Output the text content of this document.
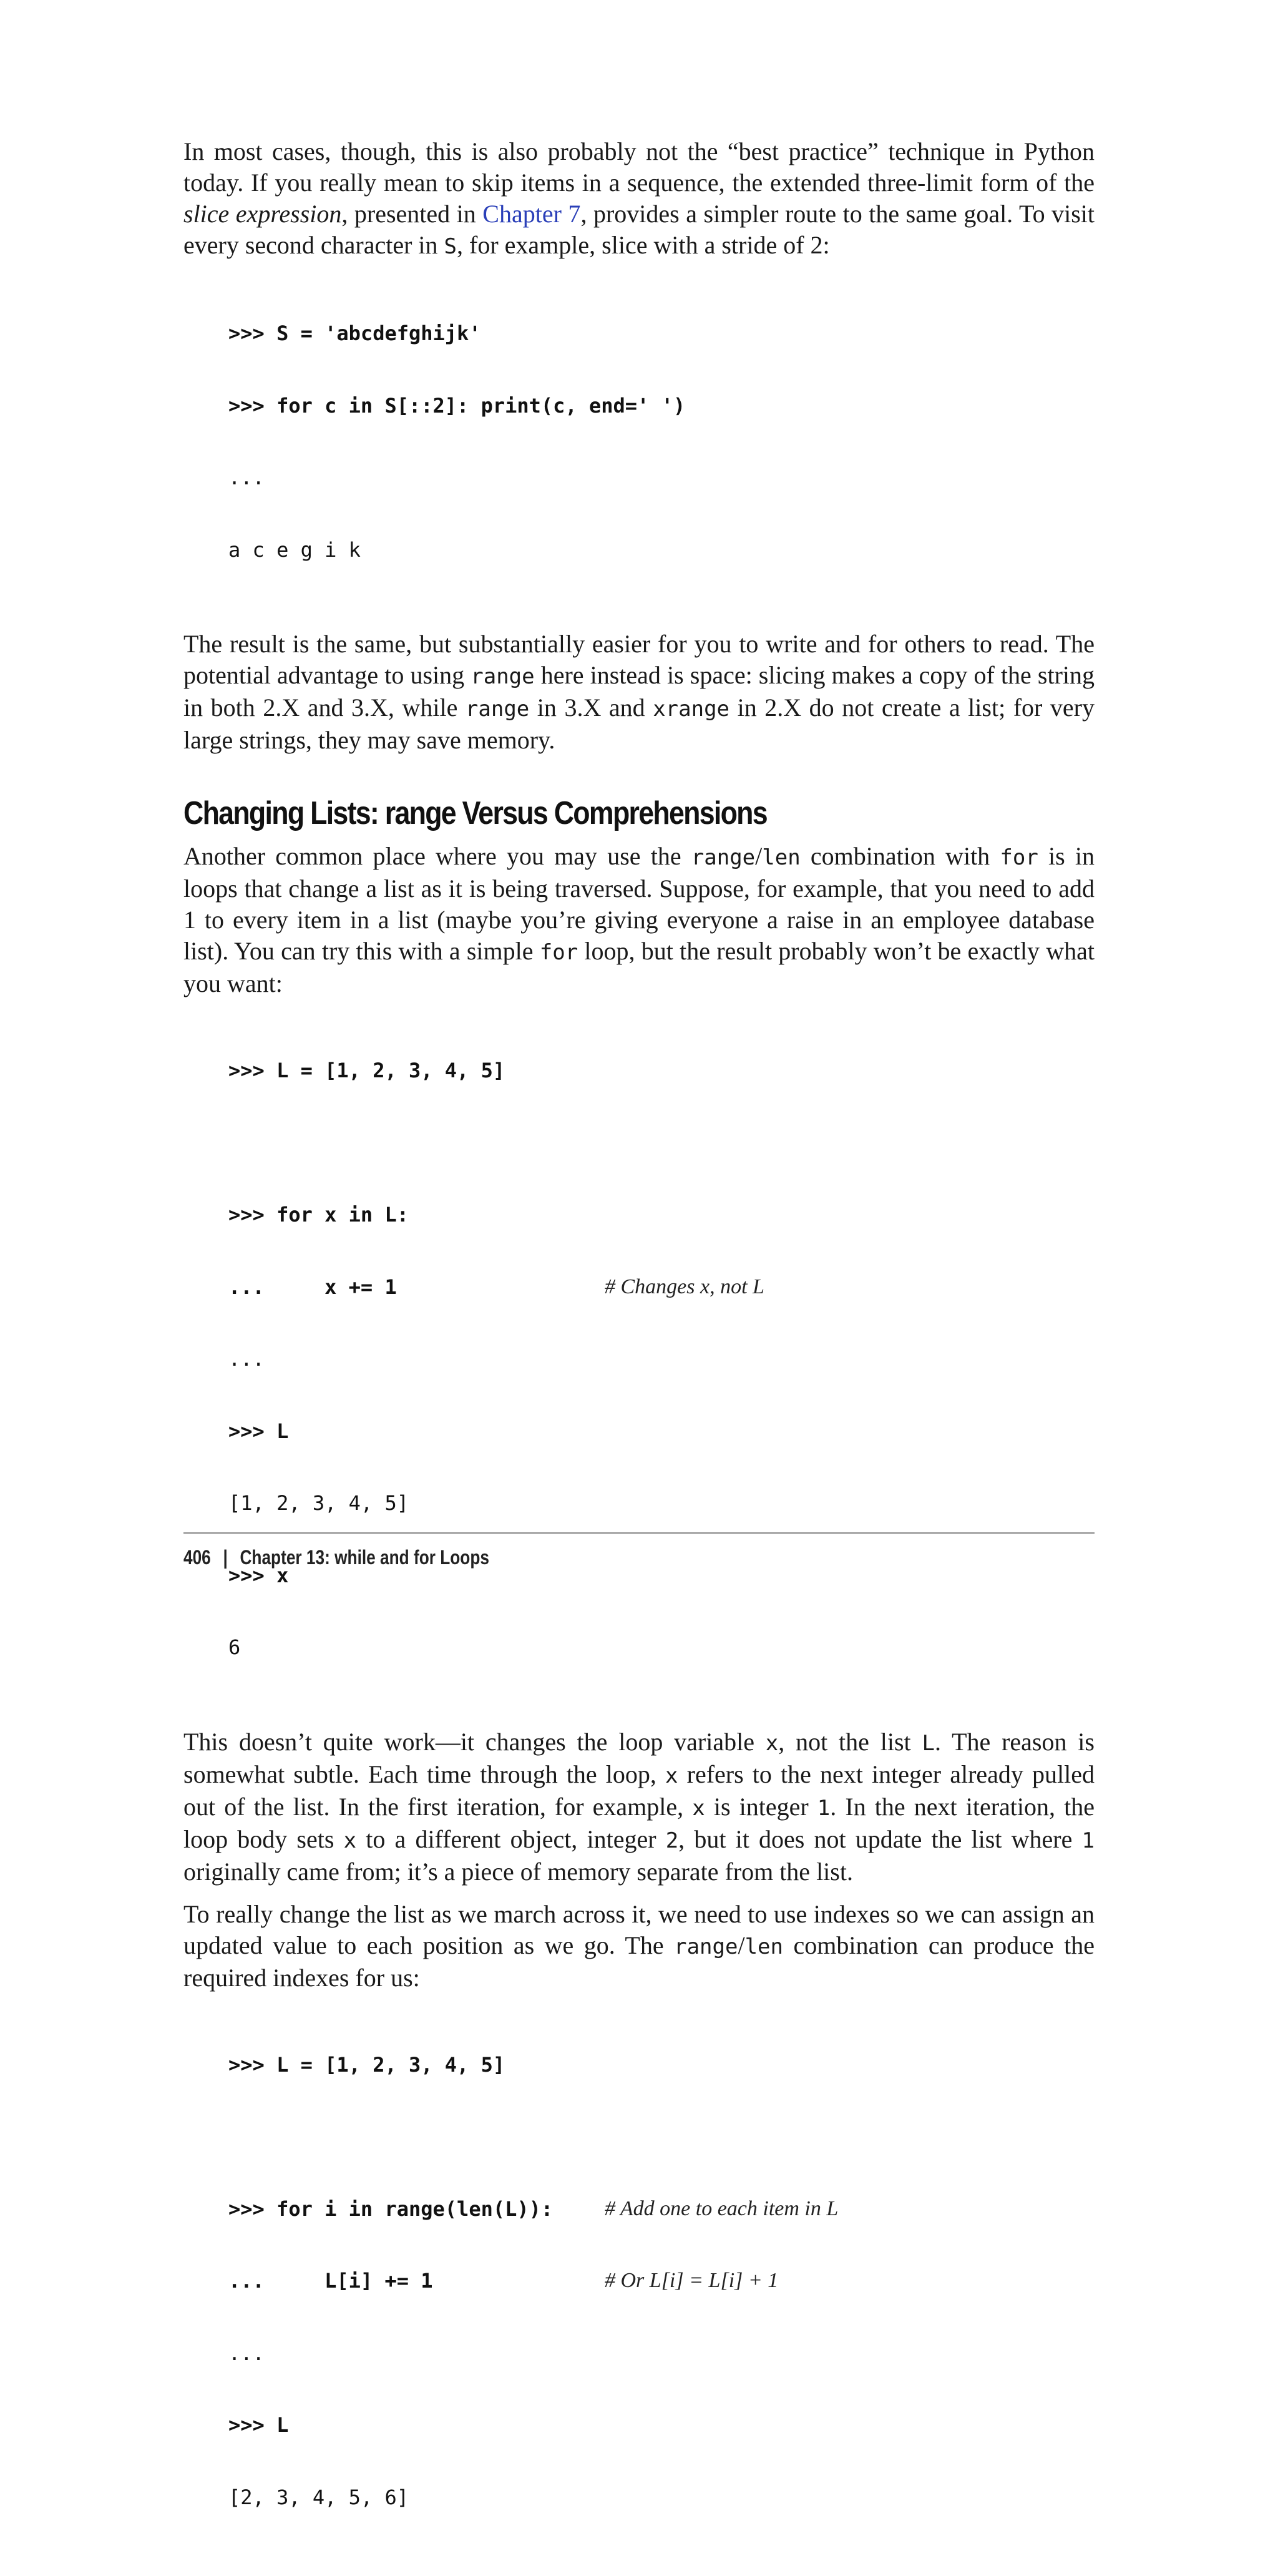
In most cases, though, this is also probably not the “best practice” technique in Python today. If you really mean to skip items in a sequence, the extended three-limit form of the slice expression, presented in Chapter 7, provides a simpler route to the same goal. To visit every second character in S, for example, slice with a stride of 2:

>>> S = 'abcdefghijk'

>>> for c in S[::2]: print(c, end=' ')

...

a c e g i k

The result is the same, but substantially easier for you to write and for others to read. The potential advantage to using range here instead is space: slicing makes a copy of the string in both 2.X and 3.X, while range in 3.X and xrange in 2.X do not create a list; for very large strings, they may save memory.

Changing Lists: range Versus Comprehensions

Another common place where you may use the range/len combination with for is in loops that change a list as it is being traversed. Suppose, for example, that you need to add 1 to every item in a list (maybe you’re giving everyone a raise in an employee database list). You can try this with a simple for loop, but the result probably won’t be exactly what you want:

>>> L = [1, 2, 3, 4, 5]

>>> for x in L:

...     x += 1	# Changes x, not L

...

>>> L

[1, 2, 3, 4, 5]

>>> x

6

This doesn’t quite work—it changes the loop variable x, not the list L. The reason is somewhat subtle. Each time through the loop, x refers to the next integer already pulled out of the list. In the first iteration, for example, x is integer 1. In the next iteration, the loop body sets x to a different object, integer 2, but it does not update the list where 1 originally came from; it’s a piece of memory separate from the list.

To really change the list as we march across it, we need to use indexes so we can assign an updated value to each position as we go. The range/len combination can produce the required indexes for us:

>>> L = [1, 2, 3, 4, 5]

>>> for i in range(len(L)): # Add one to each item in L

...     L[i] += 1	# Or L[i] = L[i] + 1

...

>>> L

[2, 3, 4, 5, 6]

406 | Chapter 13: while and for Loops
